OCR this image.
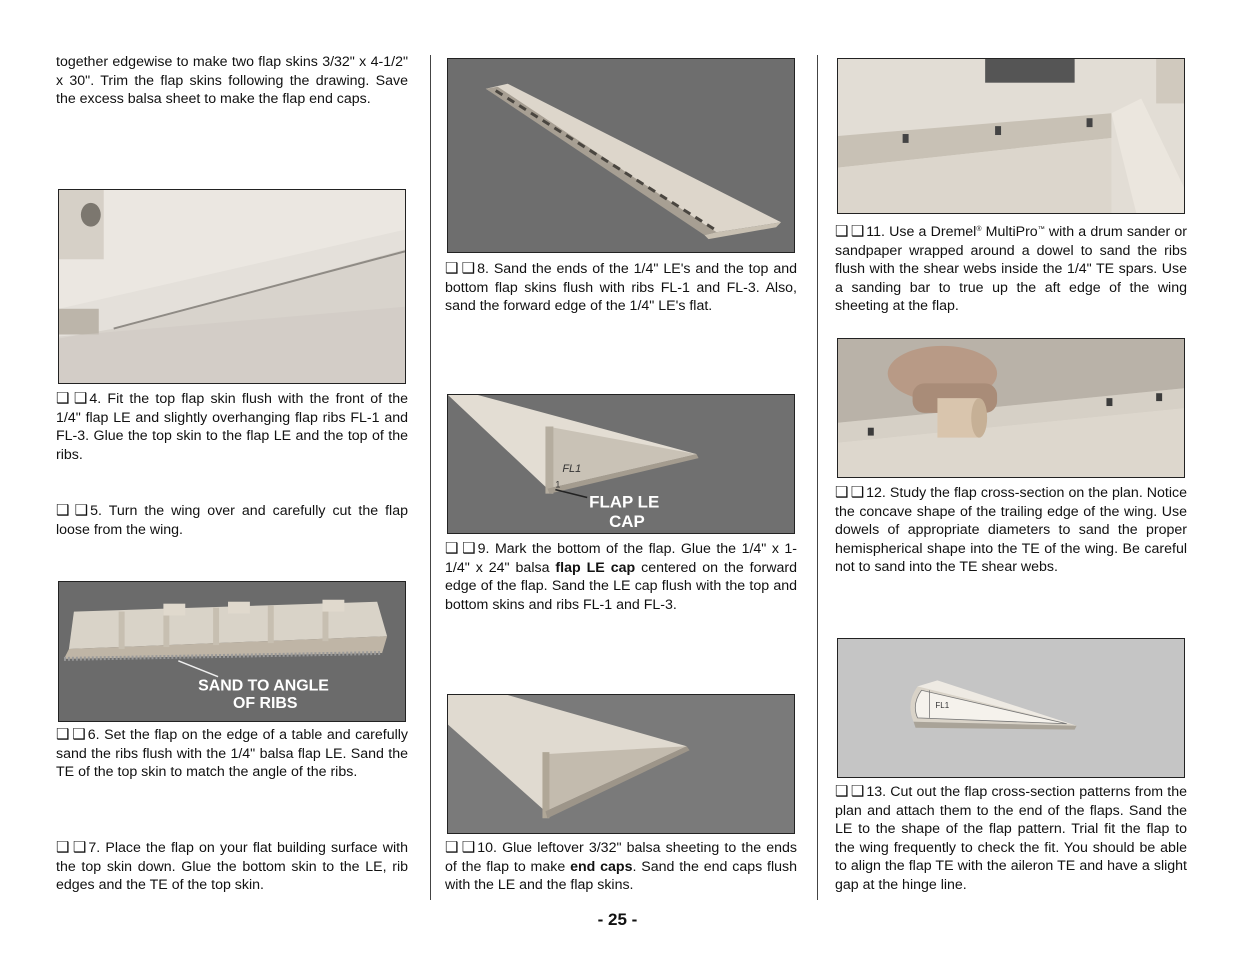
together edgewise to make two flap skins 3/32" x 4-1/2" x 30". Trim the flap skins following the drawing. Save the excess balsa sheet to make the flap end caps.
❑ ❑ 4. Fit the top flap skin flush with the front of the 1/4" flap LE and slightly overhanging flap ribs FL-1 and FL-3. Glue the top skin to the flap LE and the top of the ribs.
❑ ❑ 5. Turn the wing over and carefully cut the flap loose from the wing.
SAND TO ANGLE
OF RIBS
❑ ❑ 6. Set the flap on the edge of a table and carefully sand the ribs flush with the 1/4" balsa flap LE. Sand the TE of the top skin to match the angle of the ribs.
❑ ❑ 7. Place the flap on your flat building surface with the top skin down. Glue the bottom skin to the LE, rib edges and the TE of the top skin.
❑ ❑ 8. Sand the ends of the 1/4" LE's and the top and bottom flap skins flush with ribs FL-1 and FL-3. Also, sand the forward edge of the 1/4" LE's flat.
FL1
1
FLAP LE
CAP
❑ ❑ 9. Mark the bottom of the flap. Glue the 1/4" x 1-1/4" x 24" balsa flap LE cap centered on the forward edge of the flap. Sand the LE cap flush with the top and bottom skins and ribs FL-1 and FL-3.
❑ ❑ 10. Glue leftover 3/32" balsa sheeting to the ends of the flap to make end caps. Sand the end caps flush with the LE and the flap skins.
❑ ❑ 11. Use a Dremel® MultiPro™ with a drum sander or sandpaper wrapped around a dowel to sand the ribs flush with the shear webs inside the 1/4" TE spars. Use a sanding bar to true up the aft edge of the wing sheeting at the flap.
❑ ❑ 12. Study the flap cross-section on the plan. Notice the concave shape of the trailing edge of the wing. Use dowels of appropriate diameters to sand the proper hemispherical shape into the TE of the wing. Be careful not to sand into the TE shear webs.
FL1
❑ ❑ 13. Cut out the flap cross-section patterns from the plan and attach them to the end of the flaps. Sand the LE to the shape of the flap pattern. Trial fit the flap to the wing frequently to check the fit. You should be able to align the flap TE with the aileron TE and have a slight gap at the hinge line.
- 25 -
